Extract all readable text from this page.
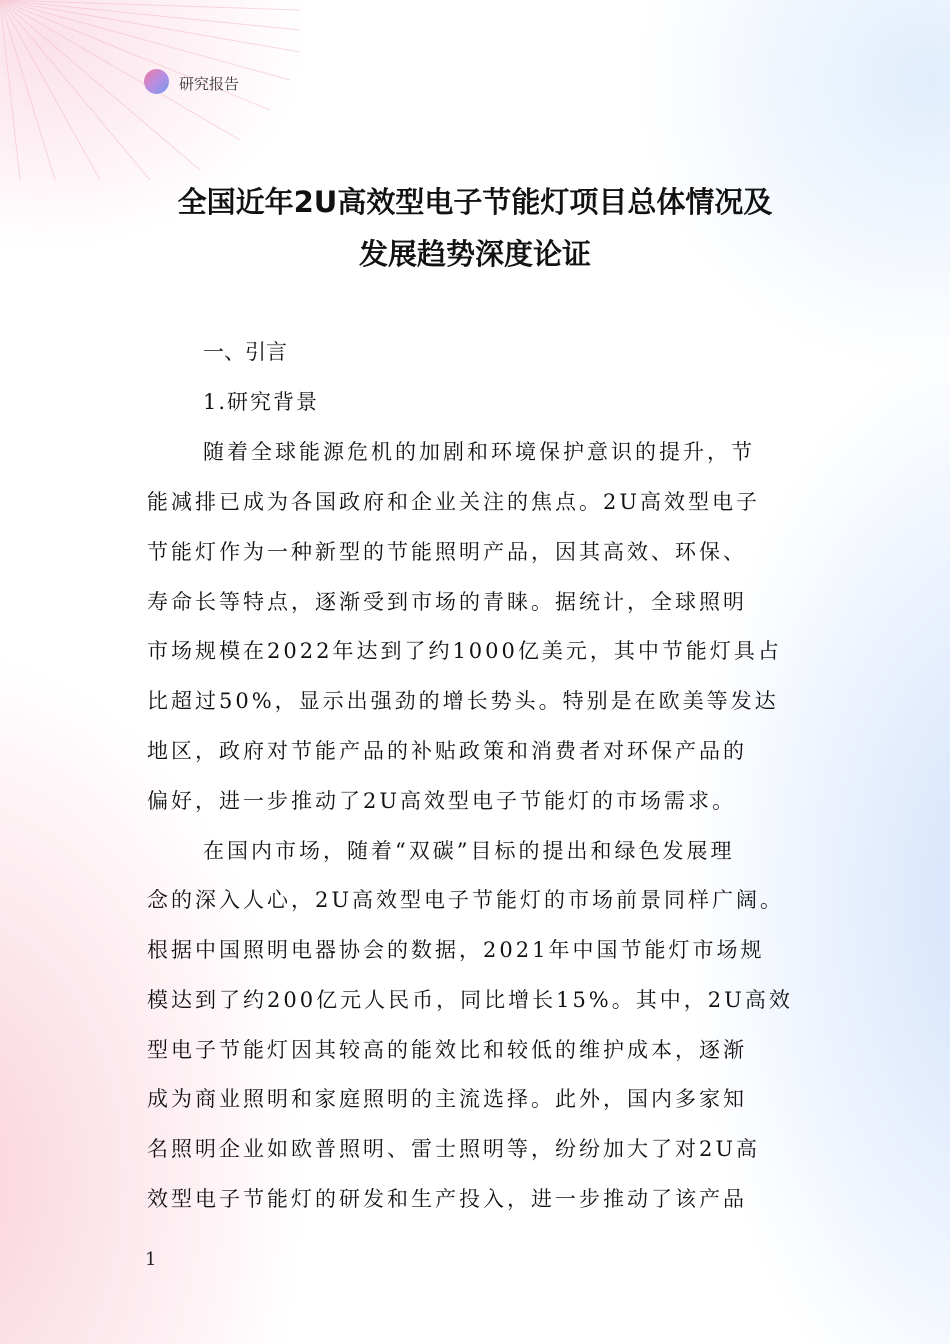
研究报告
全国近年2U高效型电子节能灯项目总体情况及
发展趋势深度论证
一、引言
1.研究背景
随着全球能源危机的加剧和环境保护意识的提升，节
能减排已成为各国政府和企业关注的焦点。2U高效型电子
节能灯作为一种新型的节能照明产品，因其高效、环保、
寿命长等特点，逐渐受到市场的青睐。据统计，全球照明
市场规模在2022年达到了约1000亿美元，其中节能灯具占
比超过50%，显示出强劲的增长势头。特别是在欧美等发达
地区，政府对节能产品的补贴政策和消费者对环保产品的
偏好，进一步推动了2U高效型电子节能灯的市场需求。
在国内市场，随着“双碳”目标的提出和绿色发展理
念的深入人心，2U高效型电子节能灯的市场前景同样广阔。
根据中国照明电器协会的数据，2021年中国节能灯市场规
模达到了约200亿元人民币，同比增长15%。其中，2U高效
型电子节能灯因其较高的能效比和较低的维护成本，逐渐
成为商业照明和家庭照明的主流选择。此外，国内多家知
名照明企业如欧普照明、雷士照明等，纷纷加大了对2U高
效型电子节能灯的研发和生产投入，进一步推动了该产品
1
